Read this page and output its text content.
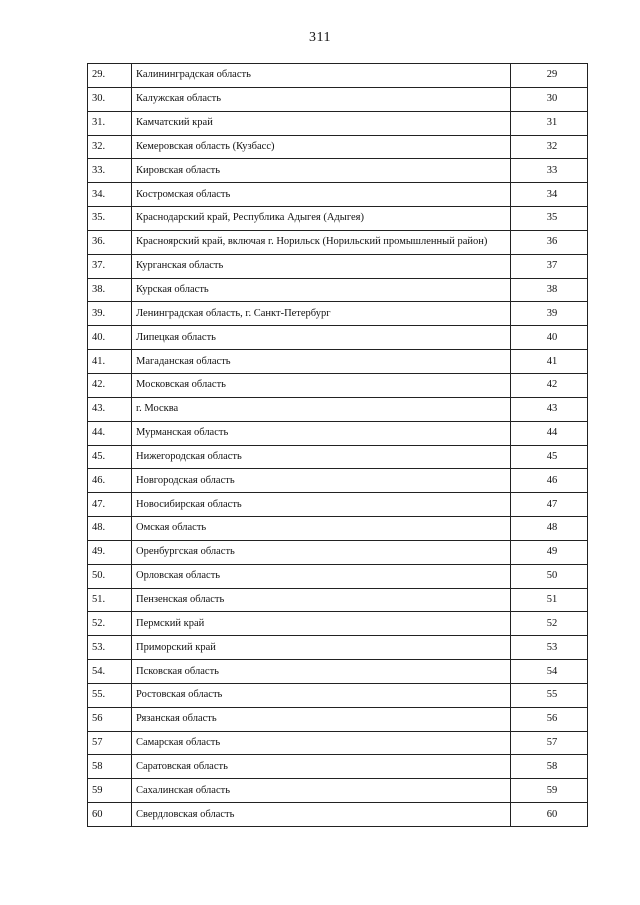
311
29.	Калининградская область	29
30.	Калужская область	30
31.	Камчатский край	31
32.	Кемеровская область (Кузбасс)	32
33.	Кировская область	33
34.	Костромская область	34
35.	Краснодарский край, Республика Адыгея (Адыгея)	35
36.	Красноярский край, включая г. Норильск (Норильский промышленный район)	36
37.	Курганская область	37
38.	Курская область	38
39.	Ленинградская область, г. Санкт-Петербург	39
40.	Липецкая область	40
41.	Магаданская область	41
42.	Московская область	42
43.	г. Москва	43
44.	Мурманская область	44
45.	Нижегородская область	45
46.	Новгородская область	46
47.	Новосибирская область	47
48.	Омская область	48
49.	Оренбургская область	49
50.	Орловская область	50
51.	Пензенская область	51
52.	Пермский край	52
53.	Приморский край	53
54.	Псковская область	54
55.	Ростовская область	55
56	Рязанская область	56
57	Самарская область	57
58	Саратовская область	58
59	Сахалинская область	59
60	Свердловская область	60
